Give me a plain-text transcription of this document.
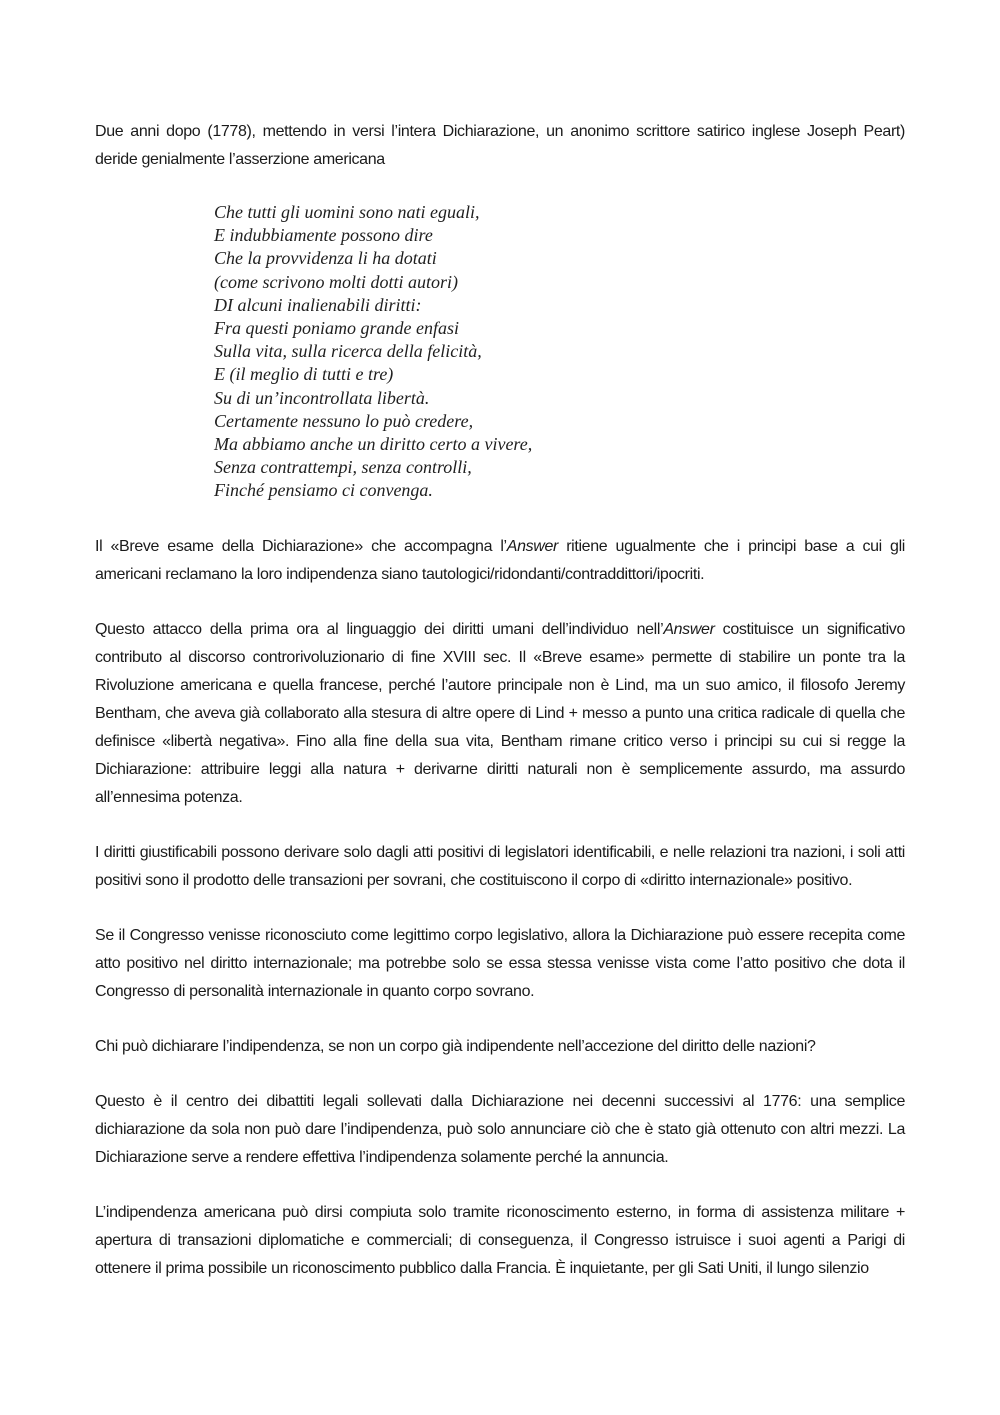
Due anni dopo (1778), mettendo in versi l’intera Dichiarazione, un anonimo scrittore satirico inglese Joseph Peart) deride genialmente l’asserzione americana

Che tutti gli uomini sono nati eguali,
E indubbiamente possono dire
Che la provvidenza li ha dotati
(come scrivono molti dotti autori)
DI alcuni inalienabili diritti:
Fra questi poniamo grande enfasi
Sulla vita, sulla ricerca della felicità,
E (il meglio di tutti e tre)
Su di un’incontrollata libertà.
Certamente nessuno lo può credere,
Ma abbiamo anche un diritto certo a vivere,
Senza contrattempi, senza controlli,
Finché pensiamo ci convenga.

Il «Breve esame della Dichiarazione» che accompagna l’Answer ritiene ugualmente che i principi base a cui gli americani reclamano la loro indipendenza siano tautologici/ridondanti/contraddittori/ipocriti.

Questo attacco della prima ora al linguaggio dei diritti umani dell’individuo nell’Answer costituisce un significativo contributo al discorso controrivoluzionario di fine XVIII sec. Il «Breve esame» permette di stabilire un ponte tra la Rivoluzione americana e quella francese, perché l’autore principale non è Lind, ma un suo amico, il filosofo Jeremy Bentham, che aveva già collaborato alla stesura di altre opere di Lind + messo a punto una critica radicale di quella che definisce «libertà negativa». Fino alla fine della sua vita, Bentham rimane critico verso i principi su cui si regge la Dichiarazione: attribuire leggi alla natura + derivarne diritti naturali non è semplicemente assurdo, ma assurdo all’ennesima potenza.

I diritti giustificabili possono derivare solo dagli atti positivi di legislatori identificabili, e nelle relazioni tra nazioni, i soli atti positivi sono il prodotto delle transazioni per sovrani, che costituiscono il corpo di «diritto internazionale» positivo.

Se il Congresso venisse riconosciuto come legittimo corpo legislativo, allora la Dichiarazione può essere recepita come atto positivo nel diritto internazionale; ma potrebbe solo se essa stessa venisse vista come l’atto positivo che dota il Congresso di personalità internazionale in quanto corpo sovrano.

Chi può dichiarare l’indipendenza, se non un corpo già indipendente nell’accezione del diritto delle nazioni?

Questo è il centro dei dibattiti legali sollevati dalla Dichiarazione nei decenni successivi al 1776: una semplice dichiarazione da sola non può dare l’indipendenza, può solo annunciare ciò che è stato già ottenuto con altri mezzi. La Dichiarazione serve a rendere effettiva l’indipendenza solamente perché la annuncia.

L’indipendenza americana può dirsi compiuta solo tramite riconoscimento esterno, in forma di assistenza militare + apertura di transazioni diplomatiche e commerciali; di conseguenza, il Congresso istruisce i suoi agenti a Parigi di ottenere il prima possibile un riconoscimento pubblico dalla Francia. È inquietante, per gli Sati Uniti, il lungo silenzio
